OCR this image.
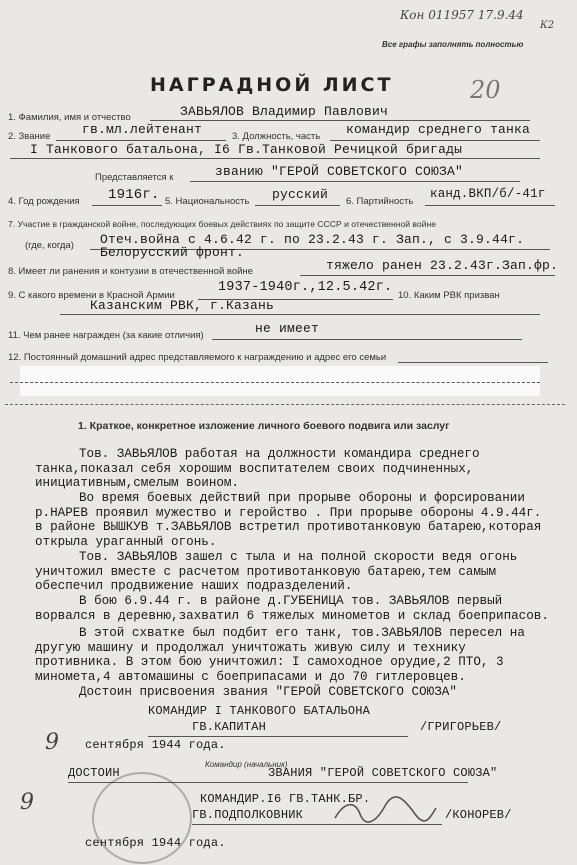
Кон 011957 17.9.44
К2
Все графы заполнять полностью
20
НАГРАДНОЙ ЛИСТ
1. Фамилия, имя и отчество	ЗАВЬЯЛОВ Владимир Павлович
2. Звание гв.мл.лейтенант	3. Должность, часть командир среднего танка
I Танкового батальона, I6 Гв.Танковой Речицкой бригады
Представляется к	званию "ГЕРОЙ СОВЕТСКОГО СОЮЗА"
4. Год рождения 1916г. 5. Национальность русский 6. Партийность
канд.ВКП/б/-41г
7. Участие в гражданской войне, последующих боевых действиях по защите СССР и отечественной войне
(где, когда) Отеч.война с 4.6.42 г. по 23.2.43 г. Зап., с 3.9.44г.
Белорусский фронт.
8. Имеет ли ранения и контузии в отечественной войне	тяжело ранен 23.2.43г.Зап.фр.
9. С какого времени в Красной Армии
1937-1940г.,12.5.42г.
10. Каким РВК призван
Казанским РВК, г.Казань
11. Чем ранее награжден (за какие отличия)	не имеет
12. Постоянный домашний адрес представляемого к награждению и адрес его семьи
1. Краткое, конкретное изложение личного боевого подвига или заслуг
Тов. ЗАВЬЯЛОВ работая на должности командира среднего танка,показал себя хорошим воспитателем своих подчиненных, инициативным,смелым воином.
Во время боевых действий при прорыве обороны и форсировании р.НАРЕВ проявил мужество и геройство . При прорыве обороны 4.9.44г. в районе ВЫШКУВ т.ЗАВЬЯЛОВ встретил противотанковую батарею,которая открыла ураганный огонь.
Тов. ЗАВЬЯЛОВ зашел с тыла и на полной скорости ведя огонь уничтожил вместе с расчетом противотанковую батарею,тем самым обеспечил продвижение наших подразделений.
В бою 6.9.44 г. в районе д.ГУБЕНИЦА тов. ЗАВЬЯЛОВ первый ворвался в деревню,захватил 6 тяжелых минометов и склад боеприпасов.
В этой схватке был подбит его танк, тов.ЗАВЬЯЛОВ пересел на другую машину и продолжал уничтожать живую силу и технику противника. В этом бою уничтожил: I самоходное орудие,2 ПТО, 3 миномета,4 автомашины с боеприпасами и до 70 гитлеровцев.
Достоин присвоения звания "ГЕРОЙ СОВЕТСКОГО СОЮЗА"
КОМАНДИР I ТАНКОВОГО БАТАЛЬОНА
ГВ.КАПИТАН	/ГРИГОРЬЕВ/
9 сентября 1944 года.
ДОСТОИН
Командир (начальник)
ЗВАНИЯ "ГЕРОЙ СОВЕТСКОГО СОЮЗА"
КОМАНДИР.I6 ГВ.ТАНК.БР.
ГВ.ПОДПОЛКОВНИК	/КОНОРЕВ/
9
сентября 1944 года.
